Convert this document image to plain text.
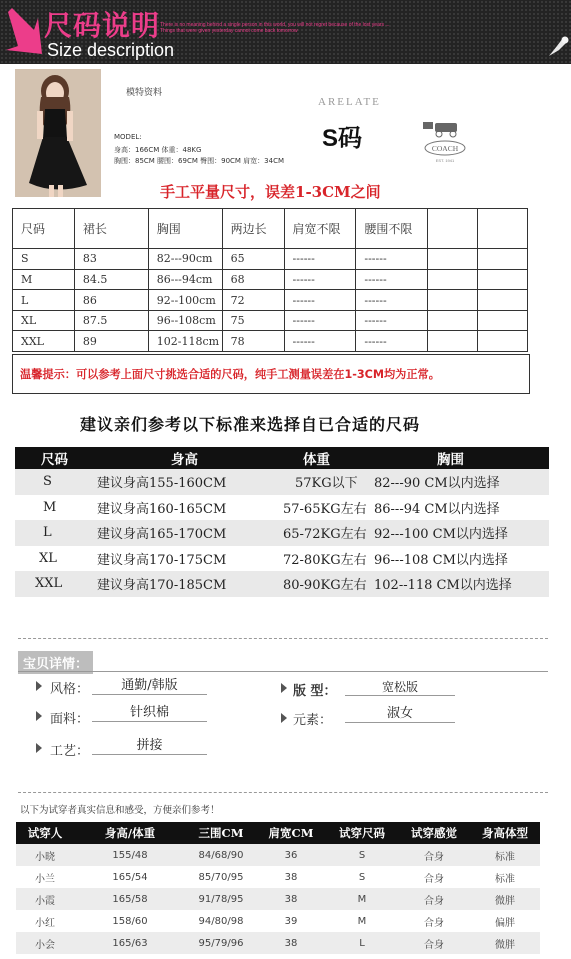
尺码说明
Size description
There is no meaning behind a single person in this world, you will not regret because of the lost years ... Things that were given yesterday cannot come back tomorrow
模特资料
MODEL:
身高：166CM 体重：48KG
胸围：85CM 腰围：69CM 臀围：90CM 肩宽：34CM
ARELATE
S码	COACH
EST. 1941
手工平量尺寸，误差1-3CM之间
尺码	裙长	胸围	两边长	肩宽不限	腰围不限		
S	83	82---90cm	65	------	------		
M	84.5	86---94cm	68	------	------		
L	86	92--100cm	72	------	------		
XL	87.5	96--108cm	75	------	------		
XXL	89	102-118cm	78	------	------		
温馨提示：可以参考上面尺寸挑选合适的尺码，纯手工测量误差在1-3CM均为正常。
建议亲们参考以下标准来选择自已合适的尺码
尺码	身高	体重	胸围
S	建议身高155-160CM	57KG以下	82---90 CM以内选择
M	建议身高160-165CM	57-65KG左右	86---94 CM以内选择
L	建议身高165-170CM	65-72KG左右	92---100 CM以内选择
XL	建议身高170-175CM	72-80KG左右	96---108 CM以内选择
XXL	建议身高170-185CM	80-90KG左右	102--118 CM以内选择
宝贝详情：
风格：	通勤/韩版	版 型：	宽松版
面料：	针织棉
元素：	淑女
工艺：	拼接
以下为试穿者真实信息和感受，方便亲们参考！
试穿人	身高/体重	三围CM	肩宽CM	试穿尺码	试穿感觉	身高体型
小晓	155/48	84/68/90	36	S	合身	标准
小兰	165/54	85/70/95	38	S	合身	标准
小霞	165/58	91/78/95	38	M	合身	微胖
小红	158/60	94/80/98	39	M	合身	偏胖
小会	165/63	95/79/96	38	L	合身	微胖
